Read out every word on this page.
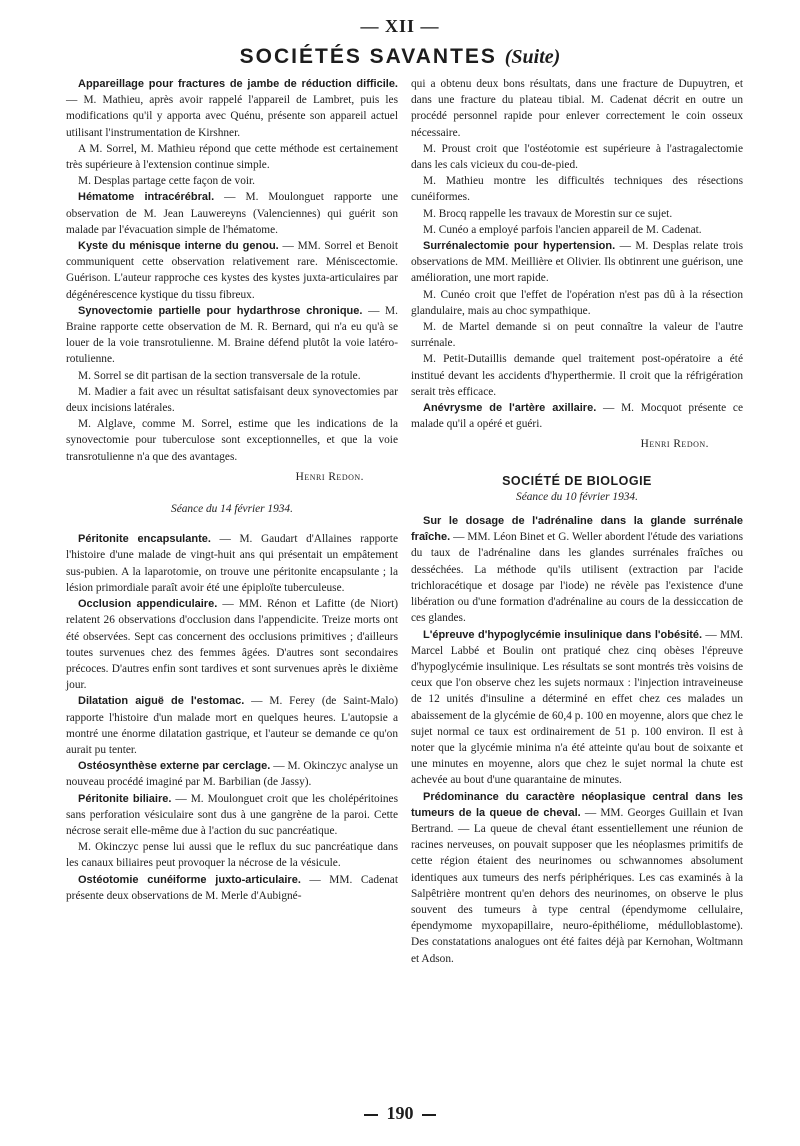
— XII —
SOCIÉTÉS SAVANTES (Suite)

Appareillage pour fractures de jambe de réduction difficile. — M. Mathieu, après avoir rappelé l'appareil de Lambret, puis les modifications qu'il y apporta avec Quénu, présente son appareil actuel utilisant l'instrumentation de Kirshner.

A M. Sorrel, M. Mathieu répond que cette méthode est certainement très supérieure à l'extension continue simple.

M. Desplas partage cette façon de voir.

Hématome intracérébral. — M. Moulonguet rapporte une observation de M. Jean Lauwereyns (Valenciennes) qui guérit son malade par l'évacuation simple de l'hématome.

Kyste du ménisque interne du genou. — MM. Sorrel et Benoit communiquent cette observation relativement rare. Méniscectomie. Guérison. L'auteur rapproche ces kystes des kystes juxta-articulaires par dégénérescence kystique du tissu fibreux.

Synovectomie partielle pour hydarthrose chronique. — M. Braine rapporte cette observation de M. R. Bernard, qui n'a eu qu'à se louer de la voie transrotulienne. M. Braine défend plutôt la voie latéro-rotulienne.

M. Sorrel se dit partisan de la section transversale de la rotule.

M. Madier a fait avec un résultat satisfaisant deux synovectomies par deux incisions latérales.

M. Alglave, comme M. Sorrel, estime que les indications de la synovectomie pour tuberculose sont exceptionnelles, et que la voie transrotulienne n'a que des avantages.

Henri Redon.

Séance du 14 février 1934.

Péritonite encapsulante. — M. Gaudart d'Allaines rapporte l'histoire d'une malade de vingt-huit ans qui présentait un empâtement sus-pubien. A la laparotomie, on trouve une péritonite encapsulante ; la lésion primordiale paraît avoir été une épiploïte tuberculeuse.

Occlusion appendiculaire. — MM. Rénon et Lafitte (de Niort) relatent 26 observations d'occlusion dans l'appendicite. Treize morts ont été observées. Sept cas concernent des occlusions primitives ; d'ailleurs toutes survenues chez des femmes âgées. D'autres sont secondaires précoces. D'autres enfin sont tardives et sont survenues après le dixième jour.

Dilatation aiguë de l'estomac. — M. Ferey (de Saint-Malo) rapporte l'histoire d'un malade mort en quelques heures. L'autopsie a montré une énorme dilatation gastrique, et l'auteur se demande ce qu'on aurait pu tenter.

Ostéosynthèse externe par cerclage. — M. Okinczyc analyse un nouveau procédé imaginé par M. Barbilian (de Jassy).

Péritonite biliaire. — M. Moulonguet croit que les cholépéritoines sans perforation vésiculaire sont dus à une gangrène de la paroi. Cette nécrose serait elle-même due à l'action du suc pancréatique.

M. Okinczyc pense lui aussi que le reflux du suc pancréatique dans les canaux biliaires peut provoquer la nécrose de la vésicule.

Ostéotomie cunéiforme juxto-articulaire. — MM. Cadenat présente deux observations de M. Merle d'Aubigné-

qui a obtenu deux bons résultats, dans une fracture de Dupuytren, et dans une fracture du plateau tibial. M. Cadenat décrit en outre un procédé personnel rapide pour enlever correctement le coin osseux nécessaire.

M. Proust croit que l'ostéotomie est supérieure à l'astragalectomie dans les cals vicieux du cou-de-pied.

M. Mathieu montre les difficultés techniques des résections cunéiformes.

M. Brocq rappelle les travaux de Morestin sur ce sujet.

M. Cunéo a employé parfois l'ancien appareil de M. Cadenat.

Surrénalectomie pour hypertension. — M. Desplas relate trois observations de MM. Meillière et Olivier. Ils obtinrent une guérison, une amélioration, une mort rapide.

M. Cunéo croit que l'effet de l'opération n'est pas dû à la résection glandulaire, mais au choc sympathique.

M. de Martel demande si on peut connaître la valeur de l'autre surrénale.

M. Petit-Dutaillis demande quel traitement post-opératoire a été institué devant les accidents d'hyperthermie. Il croit que la réfrigération serait très efficace.

Anévrysme de l'artère axillaire. — M. Mocquot présente ce malade qu'il a opéré et guéri.

Henri Redon.

SOCIÉTÉ DE BIOLOGIE

Séance du 10 février 1934.

Sur le dosage de l'adrénaline dans la glande surrénale fraîche. — MM. Léon Binet et G. Weller abordent l'étude des variations du taux de l'adrénaline dans les glandes surrénales fraîches ou desséchées. La méthode qu'ils utilisent (extraction par l'acide trichloracétique et dosage par l'iode) ne révèle pas l'existence d'une libération ou d'une formation d'adrénaline au cours de la dessiccation de ces glandes.

L'épreuve d'hypoglycémie insulinique dans l'obésité. — MM. Marcel Labbé et Boulin ont pratiqué chez cinq obèses l'épreuve d'hypoglycémie insulinique. Les résultats se sont montrés très voisins de ceux que l'on observe chez les sujets normaux : l'injection intraveineuse de 12 unités d'insuline a déterminé en effet chez ces malades un abaissement de la glycémie de 60,4 p. 100 en moyenne, alors que chez le sujet normal ce taux est ordinairement de 51 p. 100 environ. Il est à noter que la glycémie minima n'a été atteinte qu'au bout de soixante et une minutes en moyenne, alors que chez le sujet normal la chute est achevée au bout d'une quarantaine de minutes.

Prédominance du caractère néoplasique central dans les tumeurs de la queue de cheval. — MM. Georges Guillain et Ivan Bertrand. — La queue de cheval étant essentiellement une réunion de racines nerveuses, on pouvait supposer que les néoplasmes primitifs de cette région étaient des neurinomes ou schwannomes absolument identiques aux tumeurs des nerfs périphériques. Les cas examinés à la Salpêtrière montrent qu'en dehors des neurinomes, on observe le plus souvent des tumeurs à type central (épendymome cellulaire, épendymome myxopapillaire, neuro-épithéliome, médulloblastome). Des constatations analogues ont été faites déjà par Kernohan, Woltmann et Adson.

190
